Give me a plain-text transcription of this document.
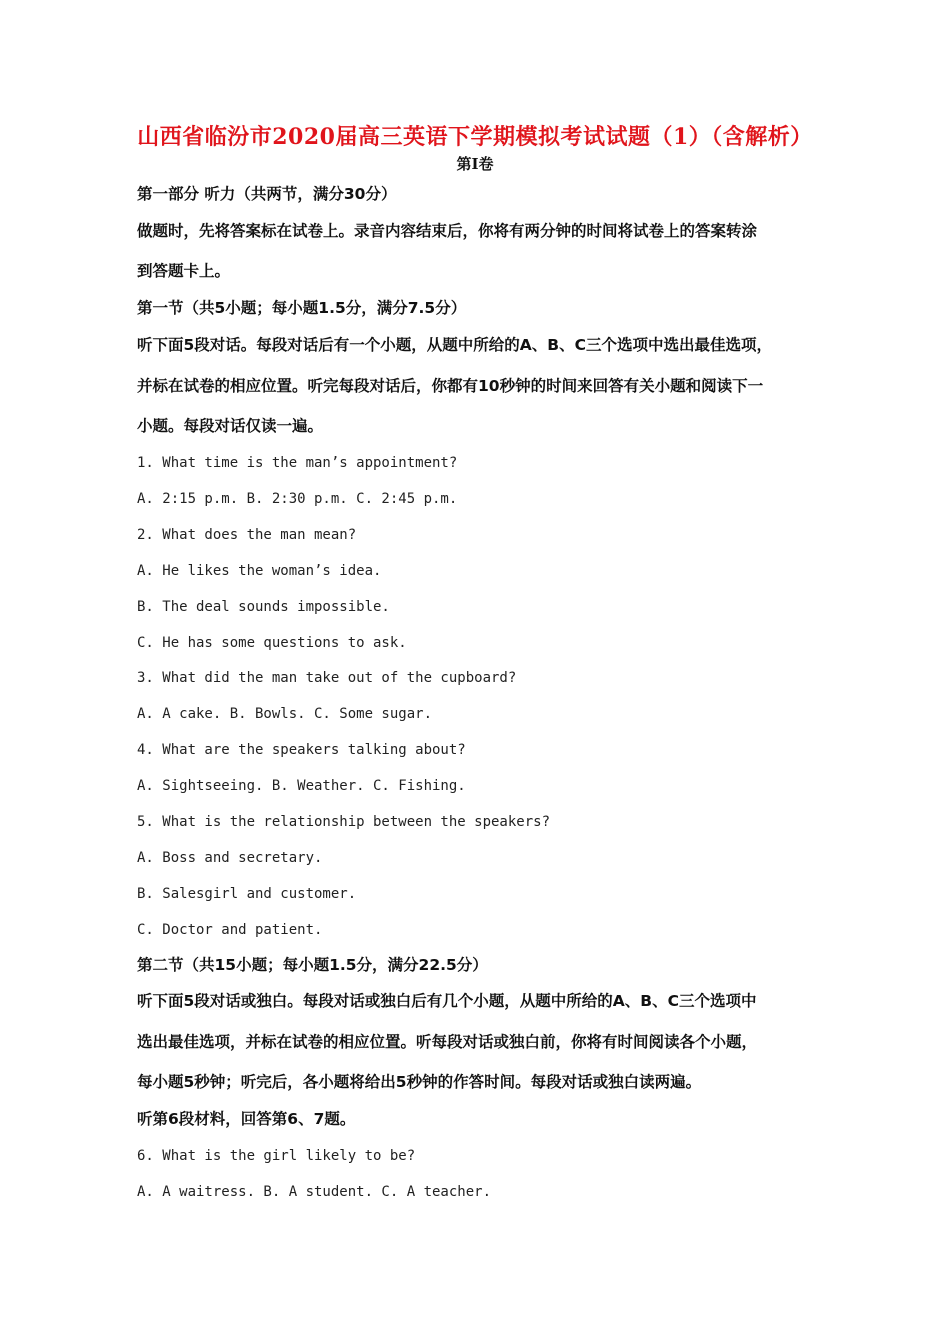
山西省临汾市2020届高三英语下学期模拟考试试题（1）（含解析）
第Ⅰ卷
第一部分 听力（共两节，满分30分）
做题时，先将答案标在试卷上。录音内容结束后，你将有两分钟的时间将试卷上的答案转涂
到答题卡上。
第一节（共5小题；每小题1.5分，满分7.5分）
听下面5段对话。每段对话后有一个小题，从题中所给的A、B、C三个选项中选出最佳选项，
并标在试卷的相应位置。听完每段对话后，你都有10秒钟的时间来回答有关小题和阅读下一
小题。每段对话仅读一遍。
1. What time is the man’s appointment?
A. 2:15 p.m. B. 2:30 p.m. C. 2:45 p.m.
2. What does the man mean?
A. He likes the woman’s idea.
B. The deal sounds impossible.
C. He has some questions to ask.
3. What did the man take out of the cupboard?
A. A cake. B. Bowls. C. Some sugar.
4. What are the speakers talking about?
A. Sightseeing. B. Weather. C. Fishing.
5. What is the relationship between the speakers?
A. Boss and secretary.
B. Salesgirl and customer.
C. Doctor and patient.
第二节（共15小题；每小题1.5分，满分22.5分）
听下面5段对话或独白。每段对话或独白后有几个小题，从题中所给的A、B、C三个选项中
选出最佳选项，并标在试卷的相应位置。听每段对话或独白前，你将有时间阅读各个小题，
每小题5秒钟；听完后，各小题将给出5秒钟的作答时间。每段对话或独白读两遍。
听第6段材料，回答第6、7题。
6. What is the girl likely to be?
A. A waitress. B. A student. C. A teacher.
